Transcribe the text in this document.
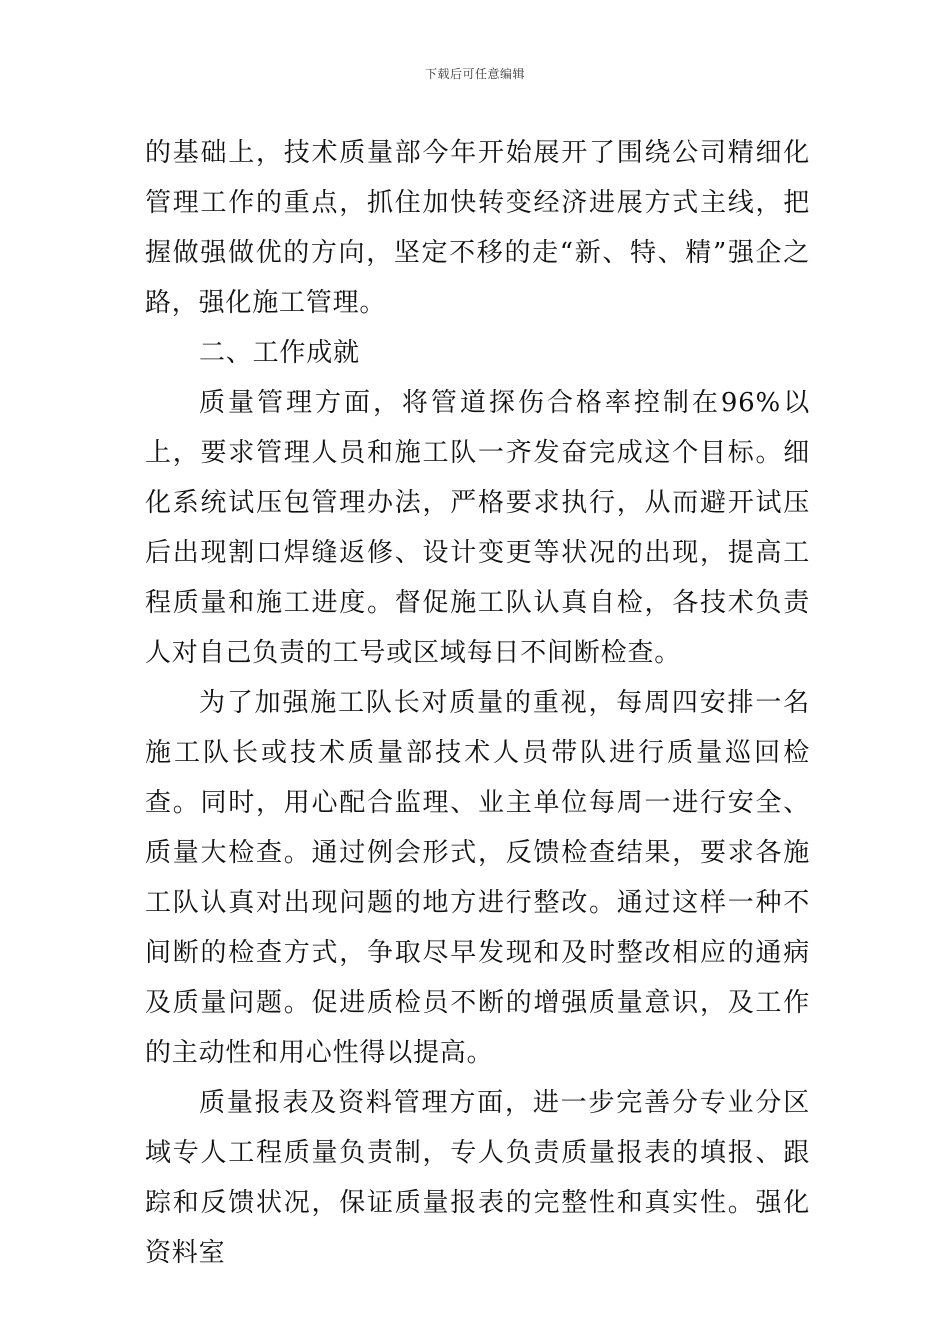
下载后可任意编辑

的基础上，技术质量部今年开始展开了围绕公司精细化管理工作的重点，抓住加快转变经济进展方式主线，把握做强做优的方向，坚定不移的走“新、特、精”强企之路，强化施工管理。

二、工作成就

质量管理方面，将管道探伤合格率控制在96%以上，要求管理人员和施工队一齐发奋完成这个目标。细化系统试压包管理办法，严格要求执行，从而避开试压后出现割口焊缝返修、设计变更等状况的出现，提高工程质量和施工进度。督促施工队认真自检，各技术负责人对自己负责的工号或区域每日不间断检查。

为了加强施工队长对质量的重视，每周四安排一名施工队长或技术质量部技术人员带队进行质量巡回检查。同时，用心配合监理、业主单位每周一进行安全、质量大检查。通过例会形式，反馈检查结果，要求各施工队认真对出现问题的地方进行整改。通过这样一种不间断的检查方式，争取尽早发现和及时整改相应的通病及质量问题。促进质检员不断的增强质量意识，及工作的主动性和用心性得以提高。

质量报表及资料管理方面，进一步完善分专业分区域专人工程质量负责制，专人负责质量报表的填报、跟踪和反馈状况，保证质量报表的完整性和真实性。强化资料室
